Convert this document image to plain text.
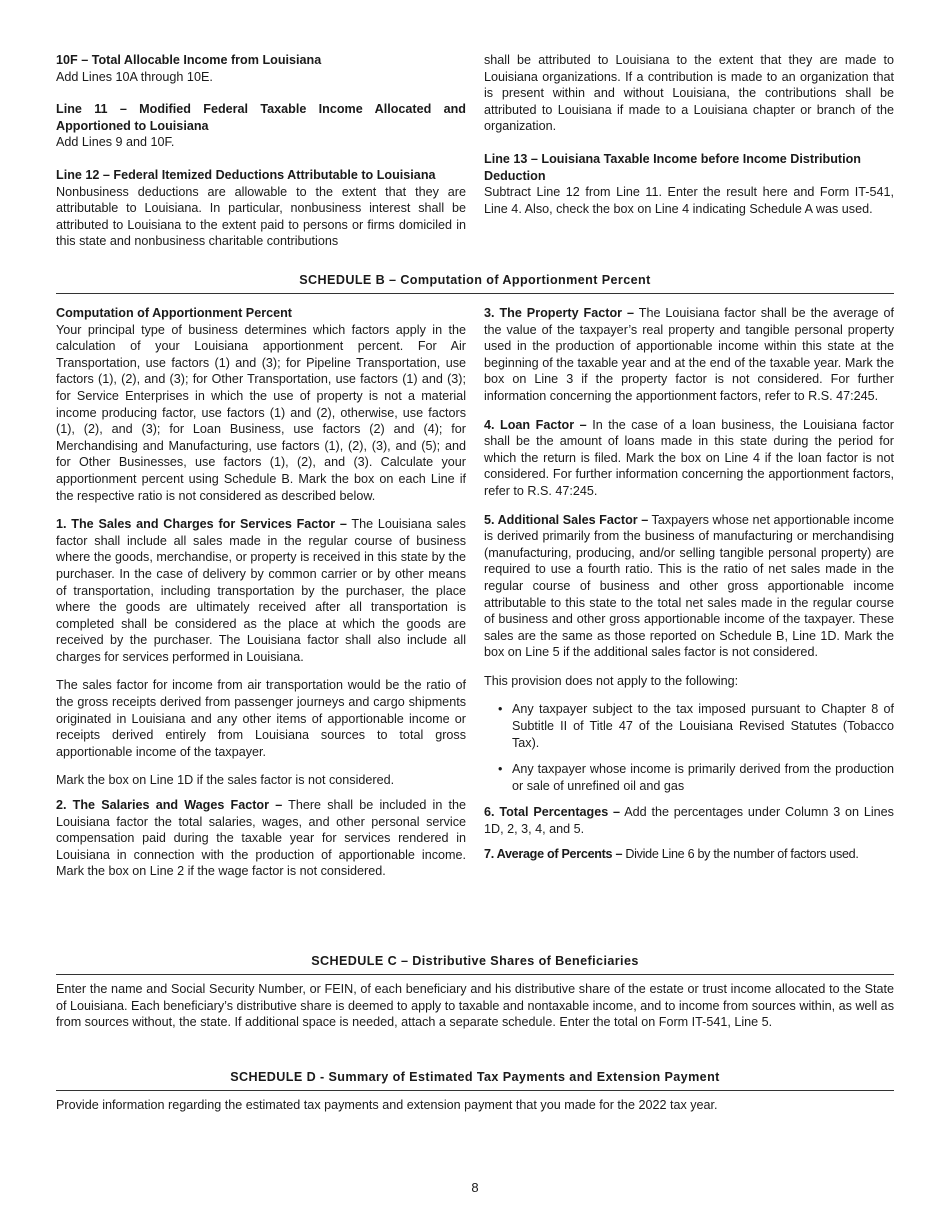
10F – Total Allocable Income from Louisiana
Add Lines 10A through 10E.

Line 11 – Modified Federal Taxable Income Allocated and Apportioned to Louisiana
Add Lines 9 and 10F.

Line 12 – Federal Itemized Deductions Attributable to Louisiana
Nonbusiness deductions are allowable to the extent that they are attributable to Louisiana. In particular, nonbusiness interest shall be attributed to Louisiana to the extent paid to persons or firms domiciled in this state and nonbusiness charitable contributions

shall be attributed to Louisiana to the extent that they are made to Louisiana organizations. If a contribution is made to an organization that is present within and without Louisiana, the contributions shall be attributed to Louisiana if made to a Louisiana chapter or branch of the organization.

Line 13 – Louisiana Taxable Income before Income Distribution Deduction
Subtract Line 12 from Line 11. Enter the result here and Form IT-541, Line 4. Also, check the box on Line 4 indicating Schedule A was used.

SCHEDULE B – Computation of Apportionment Percent

Computation of Apportionment Percent
Your principal type of business determines which factors apply in the calculation of your Louisiana apportionment percent. For Air Transportation, use factors (1) and (3); for Pipeline Transportation, use factors (1), (2), and (3); for Other Transportation, use factors (1) and (3); for Service Enterprises in which the use of property is not a material income producing factor, use factors (1) and (2), otherwise, use factors (1), (2), and (3); for Loan Business, use factors (2) and (4); for Merchandising and Manufacturing, use factors (1), (2), (3), and (5); and for Other Businesses, use factors (1), (2), and (3). Calculate your apportionment percent using Schedule B. Mark the box on each Line if the respective ratio is not considered as described below.

1. The Sales and Charges for Services Factor – The Louisiana sales factor shall include all sales made in the regular course of business where the goods, merchandise, or property is received in this state by the purchaser. In the case of delivery by common carrier or by other means of transportation, including transportation by the purchaser, the place where the goods are ultimately received after all transportation is completed shall be considered as the place at which the goods are received by the purchaser. The Louisiana factor shall also include all charges for services performed in Louisiana.

The sales factor for income from air transportation would be the ratio of the gross receipts derived from passenger journeys and cargo shipments originated in Louisiana and any other items of apportionable income or receipts derived entirely from Louisiana sources to total gross apportionable income of the taxpayer.

Mark the box on Line 1D if the sales factor is not considered.

2. The Salaries and Wages Factor – There shall be included in the Louisiana factor the total salaries, wages, and other personal service compensation paid during the taxable year for services rendered in Louisiana in connection with the production of apportionable income. Mark the box on Line 2 if the wage factor is not considered.

3. The Property Factor – The Louisiana factor shall be the average of the value of the taxpayer’s real property and tangible personal property used in the production of apportionable income within this state at the beginning of the taxable year and at the end of the taxable year. Mark the box on Line 3 if the property factor is not considered. For further information concerning the apportionment factors, refer to R.S. 47:245.

4. Loan Factor – In the case of a loan business, the Louisiana factor shall be the amount of loans made in this state during the period for which the return is filed. Mark the box on Line 4 if the loan factor is not considered. For further information concerning the apportionment factors, refer to R.S. 47:245.

5. Additional Sales Factor – Taxpayers whose net apportionable income is derived primarily from the business of manufacturing or merchandising (manufacturing, producing, and/or selling tangible personal property) are required to use a fourth ratio. This is the ratio of net sales made in the regular course of business and other gross apportionable income attributable to this state to the total net sales made in the regular course of business and other gross apportionable income of the taxpayer. These sales are the same as those reported on Schedule B, Line 1D. Mark the box on Line 5 if the additional sales factor is not considered.

This provision does not apply to the following:

• Any taxpayer subject to the tax imposed pursuant to Chapter 8 of Subtitle II of Title 47 of the Louisiana Revised Statutes (Tobacco Tax).
• Any taxpayer whose income is primarily derived from the production or sale of unrefined oil and gas

6. Total Percentages – Add the percentages under Column 3 on Lines 1D, 2, 3, 4, and 5.

7. Average of Percents – Divide Line 6 by the number of factors used.

SCHEDULE C – Distributive Shares of Beneficiaries

Enter the name and Social Security Number, or FEIN, of each beneficiary and his distributive share of the estate or trust income allocated to the State of Louisiana. Each beneficiary’s distributive share is deemed to apply to taxable and nontaxable income, and to income from sources within, as well as from sources without, the state. If additional space is needed, attach a separate schedule. Enter the total on Form IT-541, Line 5.

SCHEDULE D - Summary of Estimated Tax Payments and Extension Payment

Provide information regarding the estimated tax payments and extension payment that you made for the 2022 tax year.

8
